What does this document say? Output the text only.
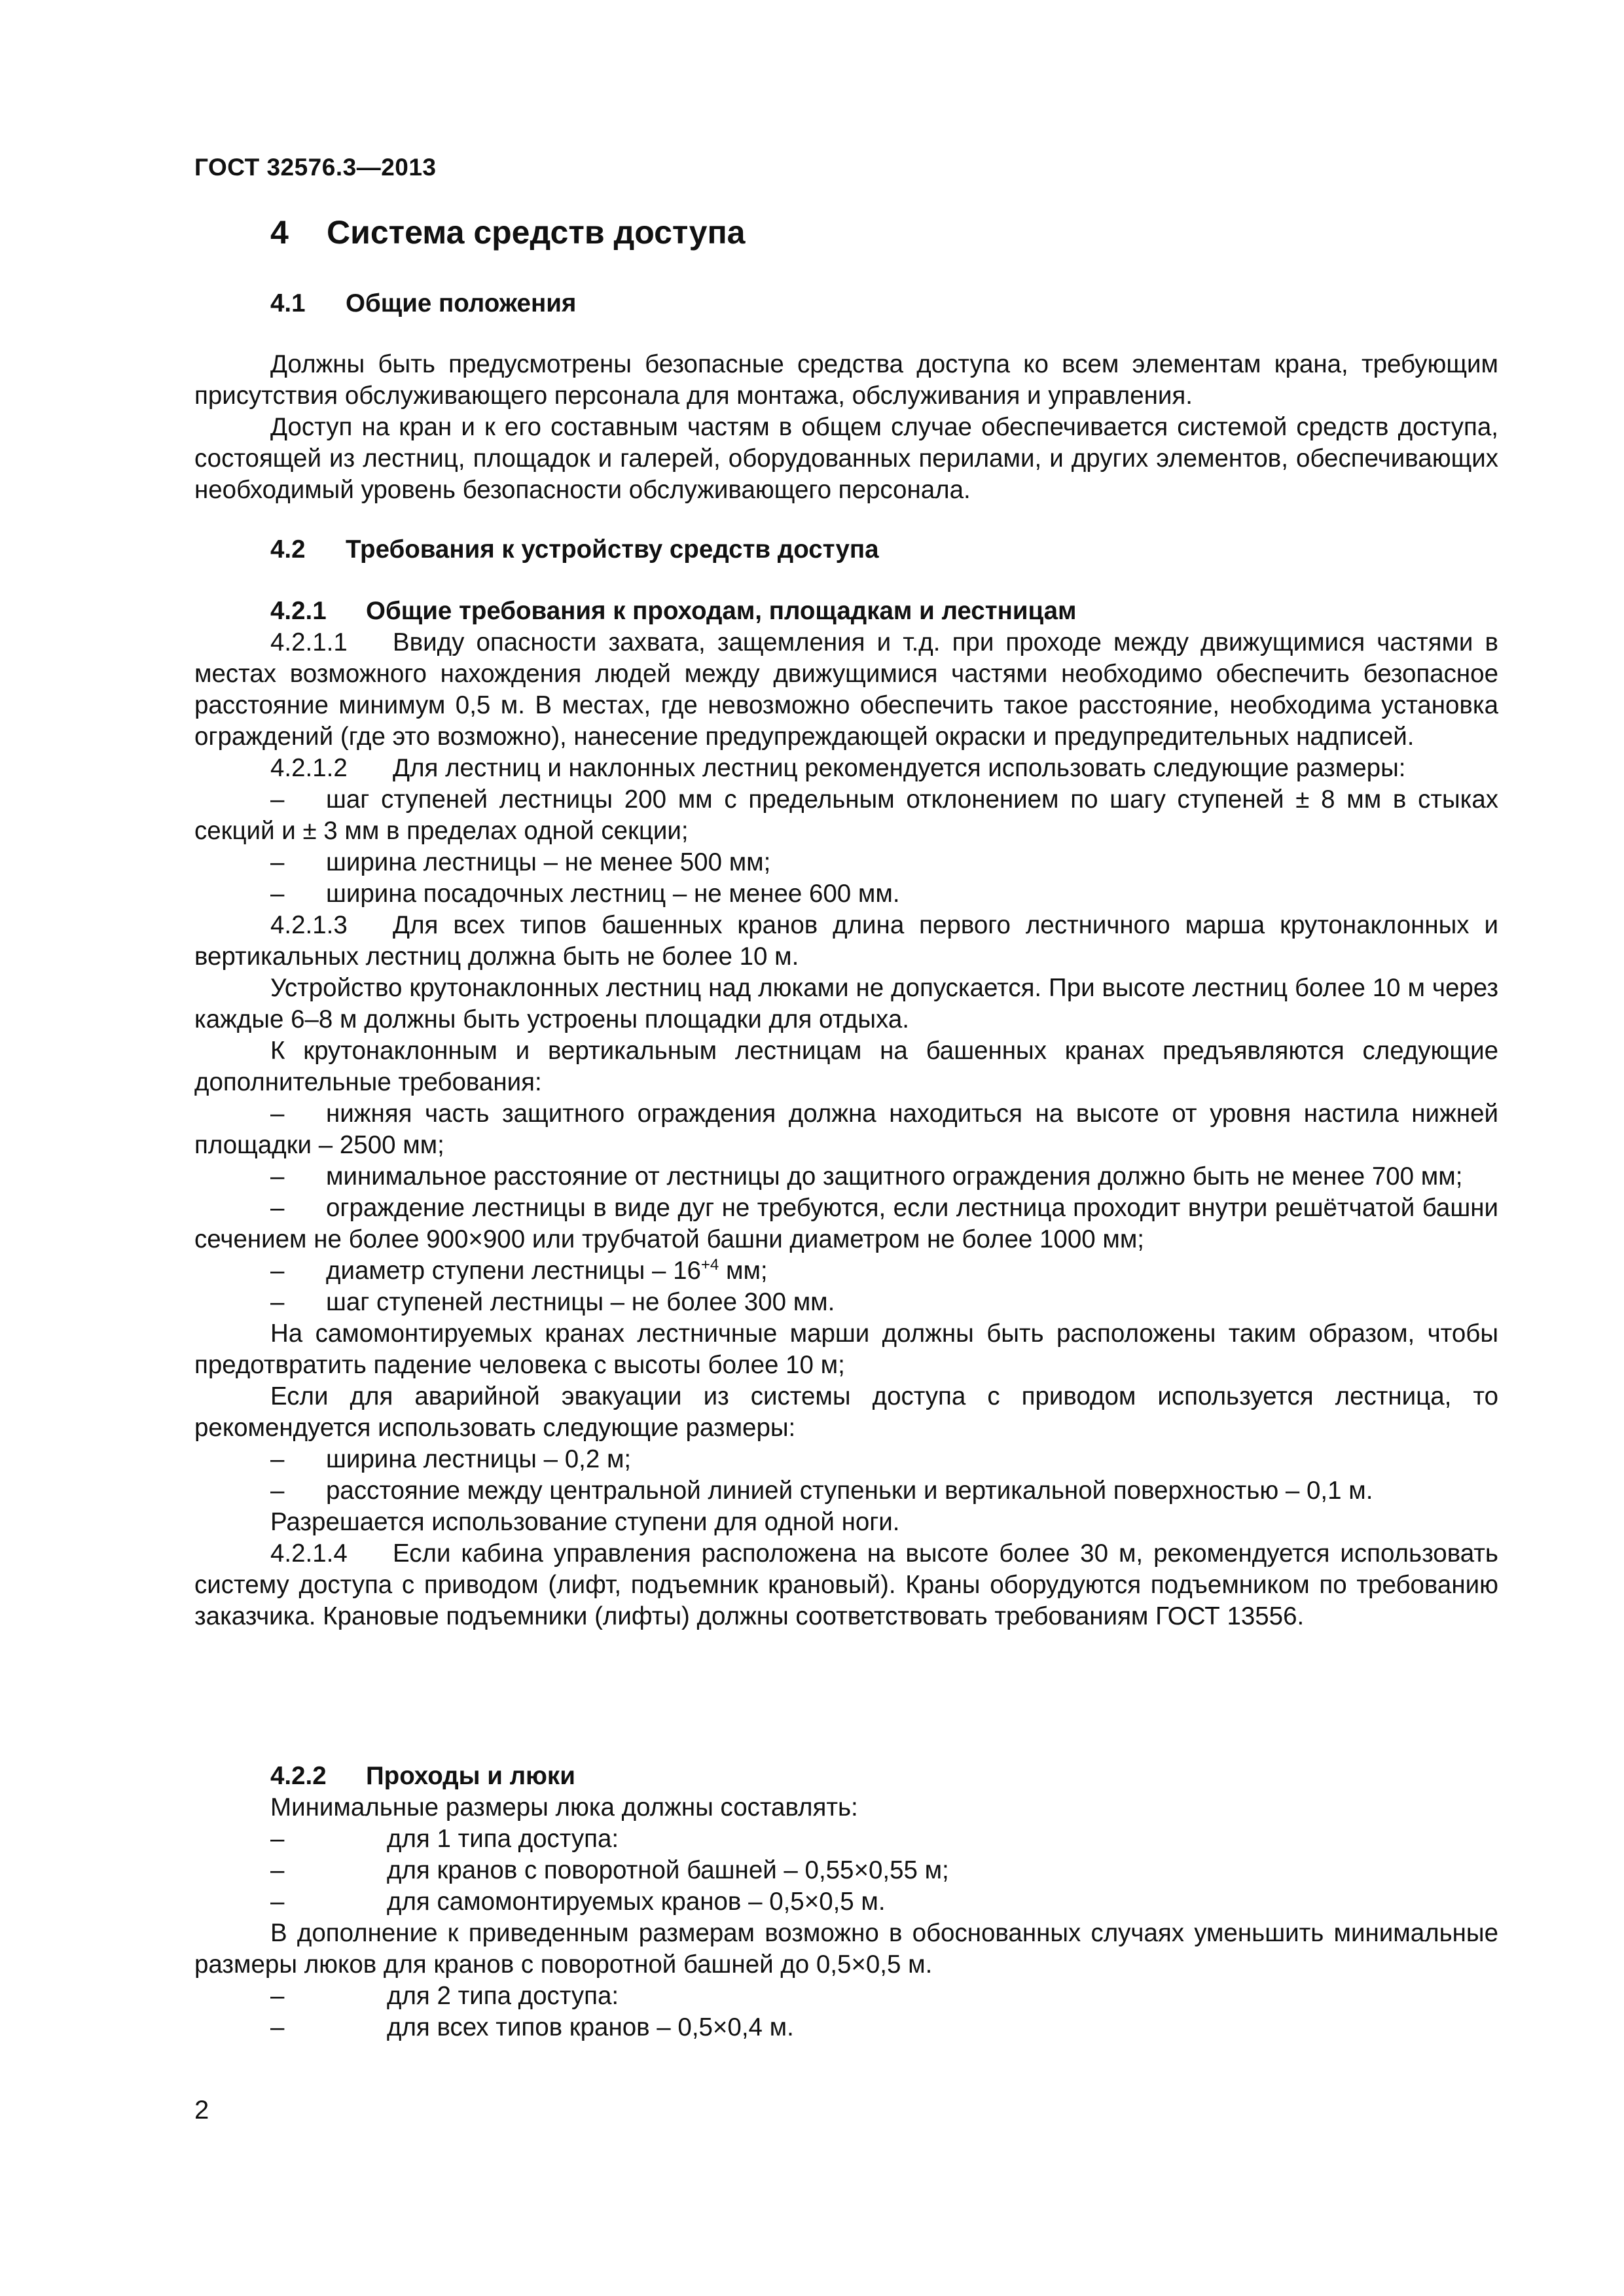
ГОСТ 32576.3—2013
4 Система средств доступа
4.1 Общие положения

Должны быть предусмотрены безопасные средства доступа ко всем элементам крана, требующим присутствия обслуживающего персонала для монтажа, обслуживания и управления.

Доступ на кран и к его составным частям в общем случае обеспечивается системой средств доступа, состоящей из лестниц, площадок и галерей, оборудованных перилами, и других элементов, обеспечивающих необходимый уровень безопасности обслуживающего персонала.

4.2 Требования к устройству средств доступа
4.2.1 Общие требования к проходам, площадкам и лестницам

4.2.1.1 Ввиду опасности захвата, защемления и т.д. при проходе между движущимися частями в местах возможного нахождения людей между движущимися частями необходимо обеспечить безопасное расстояние минимум 0,5 м. В местах, где невозможно обеспечить такое расстояние, необходима установка ограждений (где это возможно), нанесение предупреждающей окраски и предупредительных надписей.

4.2.1.2 Для лестниц и наклонных лестниц рекомендуется использовать следующие размеры:

– шаг ступеней лестницы 200 мм с предельным отклонением по шагу ступеней ± 8 мм в стыках секций и ± 3 мм в пределах одной секции;

– ширина лестницы – не менее 500 мм;

– ширина посадочных лестниц – не менее 600 мм.

4.2.1.3 Для всех типов башенных кранов длина первого лестничного марша крутонаклонных и вертикальных лестниц должна быть не более 10 м.

Устройство крутонаклонных лестниц над люками не допускается. При высоте лестниц более 10 м через каждые 6–8 м должны быть устроены площадки для отдыха.

К крутонаклонным и вертикальным лестницам на башенных кранах предъявляются следующие дополнительные требования:

– нижняя часть защитного ограждения должна находиться на высоте от уровня настила нижней площадки – 2500 мм;

– минимальное расстояние от лестницы до защитного ограждения должно быть не менее 700 мм;

– ограждение лестницы в виде дуг не требуются, если лестница проходит внутри решётчатой башни сечением не более 900×900 или трубчатой башни диаметром не более 1000 мм;

– диаметр ступени лестницы – $16^{+4}$ мм;

– шаг ступеней лестницы – не более 300 мм.

На самомонтируемых кранах лестничные марши должны быть расположены таким образом, чтобы предотвратить падение человека с высоты более 10 м;

Если для аварийной эвакуации из системы доступа с приводом используется лестница, то рекомендуется использовать следующие размеры:

– ширина лестницы – 0,2 м;

– расстояние между центральной линией ступеньки и вертикальной поверхностью – 0,1 м.

Разрешается использование ступени для одной ноги.

4.2.1.4 Если кабина управления расположена на высоте более 30 м, рекомендуется использовать систему доступа с приводом (лифт, подъемник крановый). Краны оборудуются подъемником по требованию заказчика. Крановые подъемники (лифты) должны соответствовать требованиям ГОСТ 13556.

4.2.2 Проходы и люки

Минимальные размеры люка должны составлять:

–	для 1 типа доступа:

–	для кранов с поворотной башней – 0,55×0,55 м;

–	для самомонтируемых кранов – 0,5×0,5 м.

В дополнение к приведенным размерам возможно в обоснованных случаях уменьшить минимальные размеры люков для кранов с поворотной башней до 0,5×0,5 м.

–	для 2 типа доступа:

–	для всех типов кранов – 0,5×0,4 м.

2
